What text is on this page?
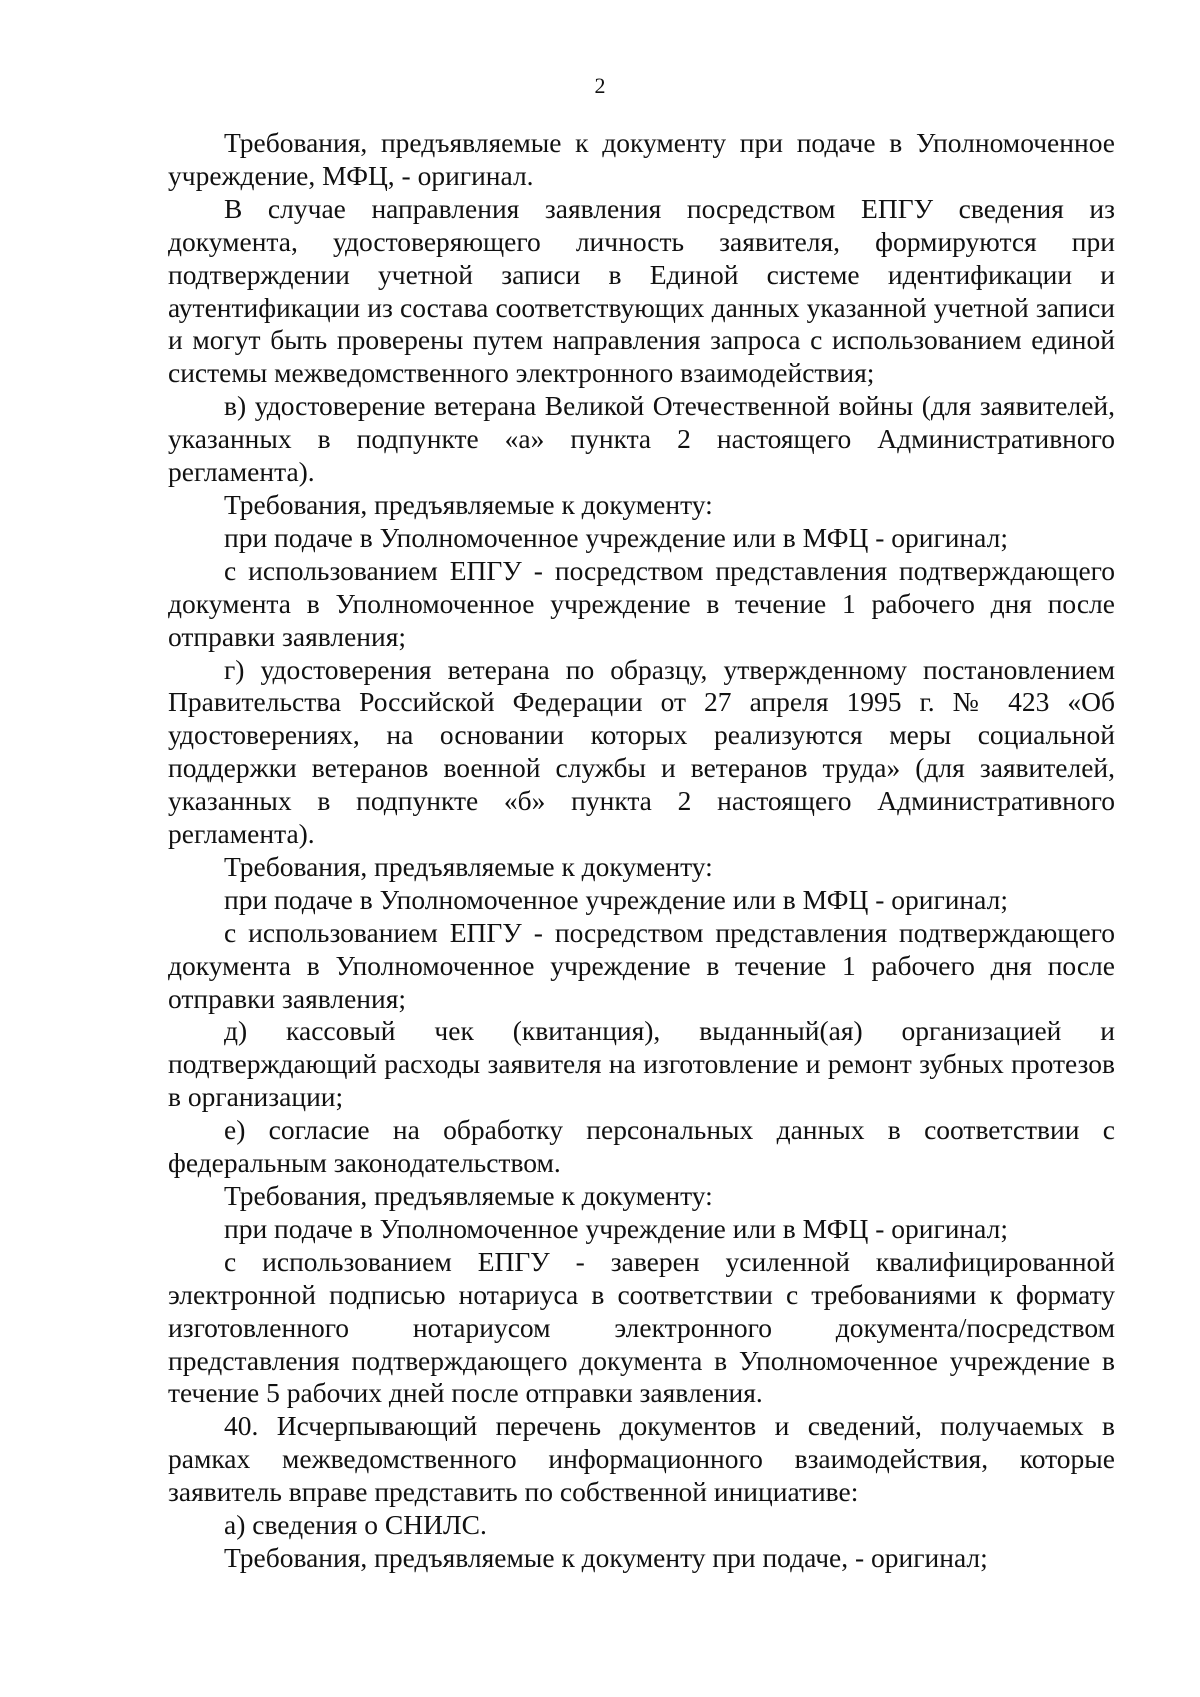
2

Требования, предъявляемые к документу при подаче в Уполномоченное учреждение, МФЦ, - оригинал.

В случае направления заявления посредством ЕПГУ сведения из документа, удостоверяющего личность заявителя, формируются при подтверждении учетной записи в Единой системе идентификации и аутентификации из состава соответствующих данных указанной учетной записи и могут быть проверены путем направления запроса с использованием единой системы межведомственного электронного взаимодействия;

в) удостоверение ветерана Великой Отечественной войны (для заявителей, указанных в подпункте «а» пункта 2 настоящего Административного регламента).

Требования, предъявляемые к документу:

при подаче в Уполномоченное учреждение или в МФЦ - оригинал;

с использованием ЕПГУ - посредством представления подтверждающего документа в Уполномоченное учреждение в течение 1 рабочего дня после отправки заявления;

г) удостоверения ветерана по образцу, утвержденному постановлением Правительства Российской Федерации от 27 апреля 1995 г. № 423 «Об удостоверениях, на основании которых реализуются меры социальной поддержки ветеранов военной службы и ветеранов труда» (для заявителей, указанных в подпункте «б» пункта 2 настоящего Административного регламента).

Требования, предъявляемые к документу:

при подаче в Уполномоченное учреждение или в МФЦ - оригинал;

с использованием ЕПГУ - посредством представления подтверждающего документа в Уполномоченное учреждение в течение 1 рабочего дня после отправки заявления;

д) кассовый чек (квитанция), выданный(ая) организацией и подтверждающий расходы заявителя на изготовление и ремонт зубных протезов в организации;

е) согласие на обработку персональных данных в соответствии с федеральным законодательством.

Требования, предъявляемые к документу:

при подаче в Уполномоченное учреждение или в МФЦ - оригинал;

с использованием ЕПГУ - заверен усиленной квалифицированной электронной подписью нотариуса в соответствии с требованиями к формату изготовленного нотариусом электронного документа/посредством представления подтверждающего документа в Уполномоченное учреждение в течение 5 рабочих дней после отправки заявления.

40. Исчерпывающий перечень документов и сведений, получаемых в рамках межведомственного информационного взаимодействия, которые заявитель вправе представить по собственной инициативе:

а) сведения о СНИЛС.

Требования, предъявляемые к документу при подаче, - оригинал;
